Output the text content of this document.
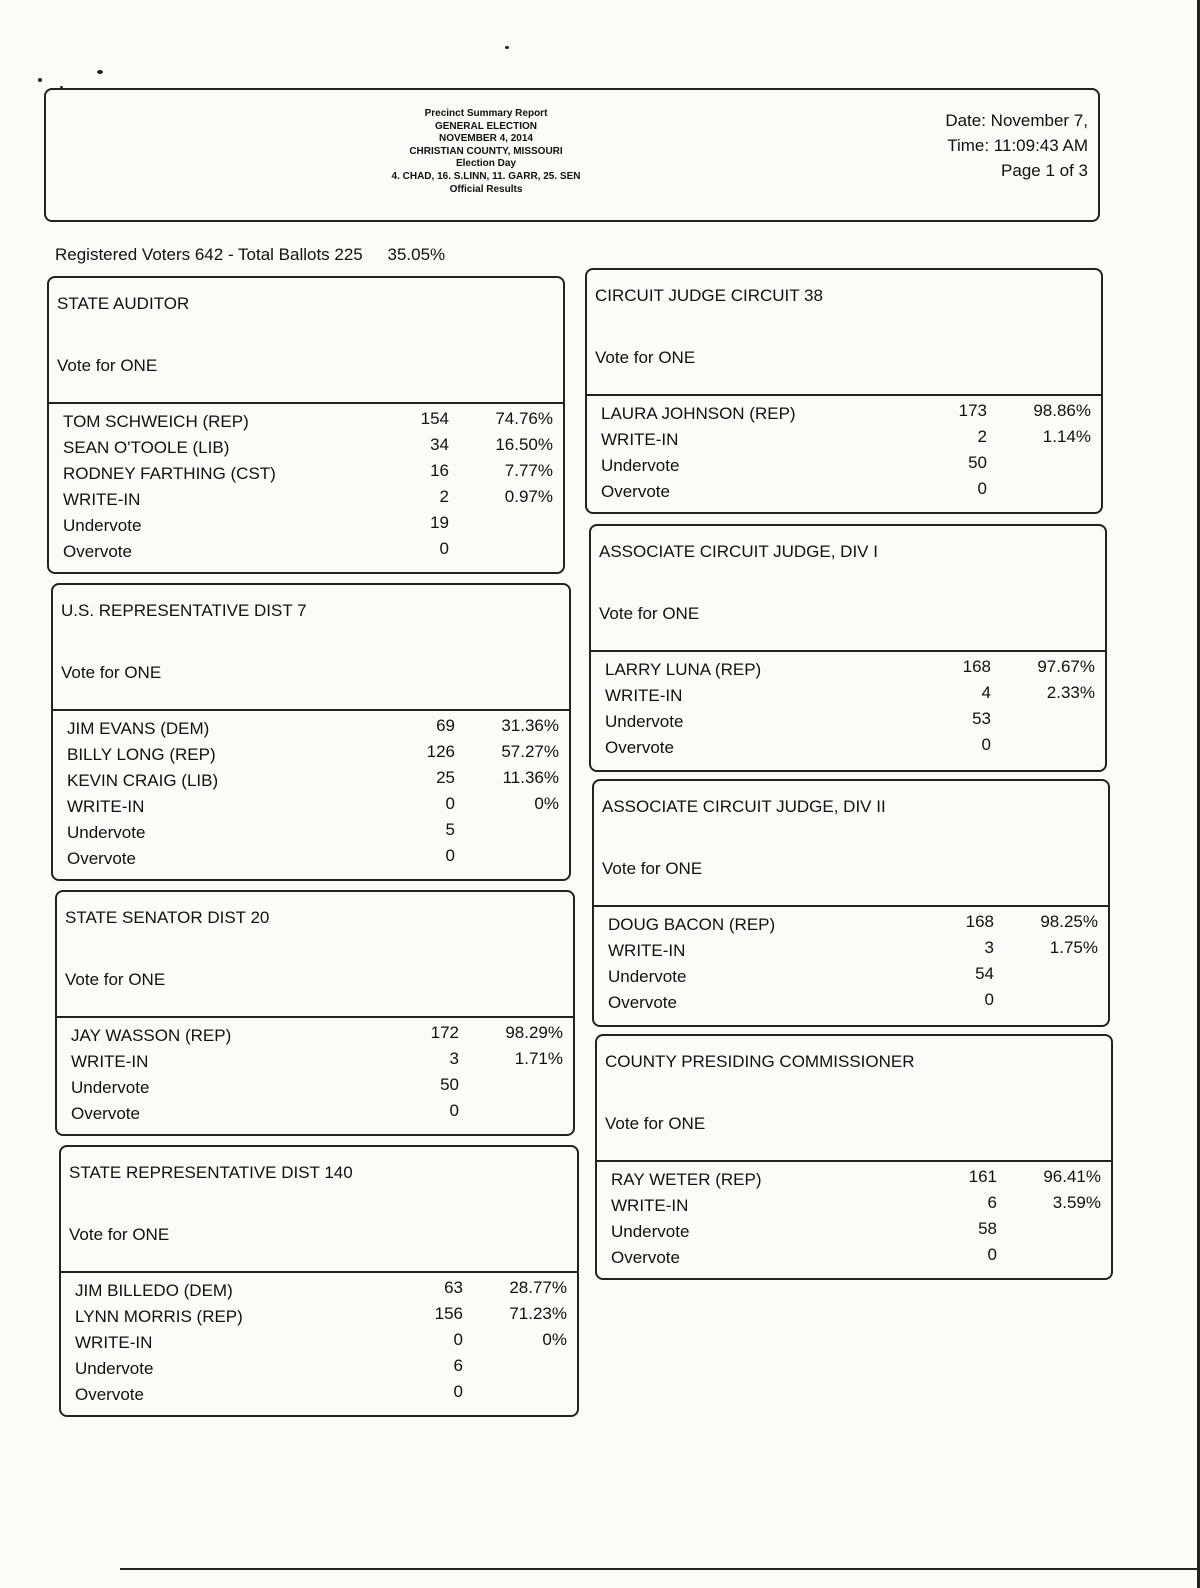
Precinct Summary Report
GENERAL ELECTION
NOVEMBER 4, 2014
CHRISTIAN COUNTY, MISSOURI
Election Day
4. CHAD, 16. S.LINN, 11. GARR, 25. SEN
Official Results
Date: November 7,
Time: 11:09:43 AM
Page 1 of 3
Registered Voters 642 - Total Ballots 225 35.05%
STATE AUDITOR
Vote for ONE
TOM SCHWEICH (REP)	154	74.76%
SEAN O'TOOLE (LIB)	34	16.50%
RODNEY FARTHING (CST)	16	7.77%
WRITE-IN	2	0.97%
Undervote	19
Overvote	0
U.S. REPRESENTATIVE DIST 7
Vote for ONE
JIM EVANS (DEM)	69	31.36%
BILLY LONG (REP)	126	57.27%
KEVIN CRAIG (LIB)	25	11.36%
WRITE-IN	0	0%
Undervote	5
Overvote	0
STATE SENATOR DIST 20
Vote for ONE
JAY WASSON (REP)	172	98.29%
WRITE-IN	3	1.71%
Undervote	50
Overvote	0
STATE REPRESENTATIVE DIST 140
Vote for ONE
JIM BILLEDO (DEM)	63	28.77%
LYNN MORRIS (REP)	156	71.23%
WRITE-IN	0	0%
Undervote	6
Overvote	0
CIRCUIT JUDGE CIRCUIT 38
Vote for ONE
LAURA JOHNSON (REP)	173	98.86%
WRITE-IN	2	1.14%
Undervote	50
Overvote	0
ASSOCIATE CIRCUIT JUDGE, DIV I
Vote for ONE
LARRY LUNA (REP)	168	97.67%
WRITE-IN	4	2.33%
Undervote	53
Overvote	0
ASSOCIATE CIRCUIT JUDGE, DIV II
Vote for ONE
DOUG BACON (REP)	168	98.25%
WRITE-IN	3	1.75%
Undervote	54
Overvote	0
COUNTY PRESIDING COMMISSIONER
Vote for ONE
RAY WETER (REP)	161	96.41%
WRITE-IN	6	3.59%
Undervote	58
Overvote	0
